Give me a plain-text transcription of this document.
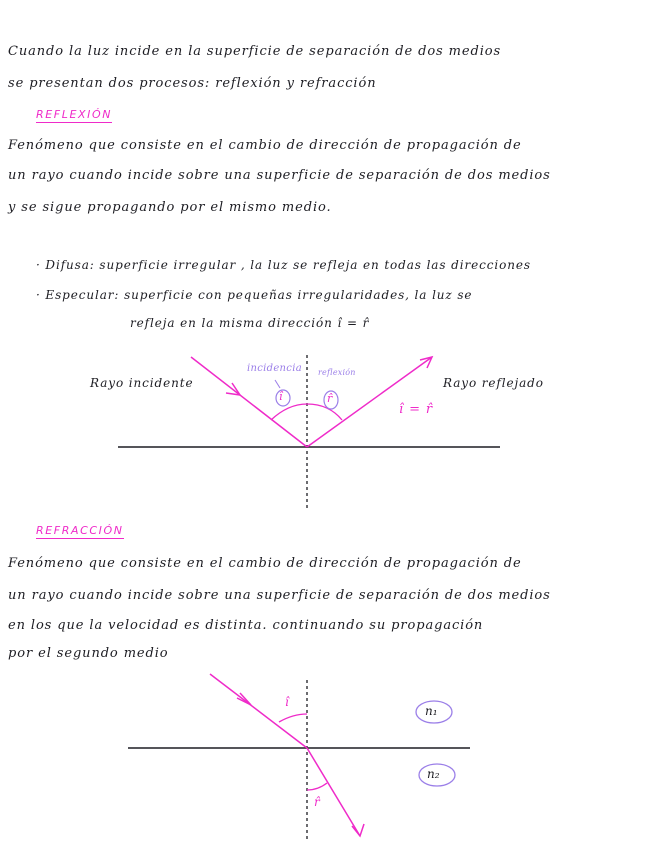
Cuando la luz incide en la superficie de separación de dos medios
se presentan dos procesos: reflexión y refracción
REFLEXIÓN
Fenómeno que consiste en el cambio de dirección de propagación de
un rayo cuando incide sobre una superficie de separación de dos medios
y se sigue propagando por el mismo medio.
· Difusa: superficie irregular , la luz se refleja en todas las direcciones
· Especular: superficie con pequeñas irregularidades, la luz se
refleja en la misma dirección î = r̂
Rayo incidente	Rayo reflejado
incidencia reflexión
î	r̂
î = r̂
REFRACCIÓN
Fenómeno que consiste en el cambio de dirección de propagación de
un rayo cuando incide sobre una superficie de separación de dos medios
en los que la velocidad es distinta. continuando su propagación
por el segundo medio
î
r̂
n₁
n₂
